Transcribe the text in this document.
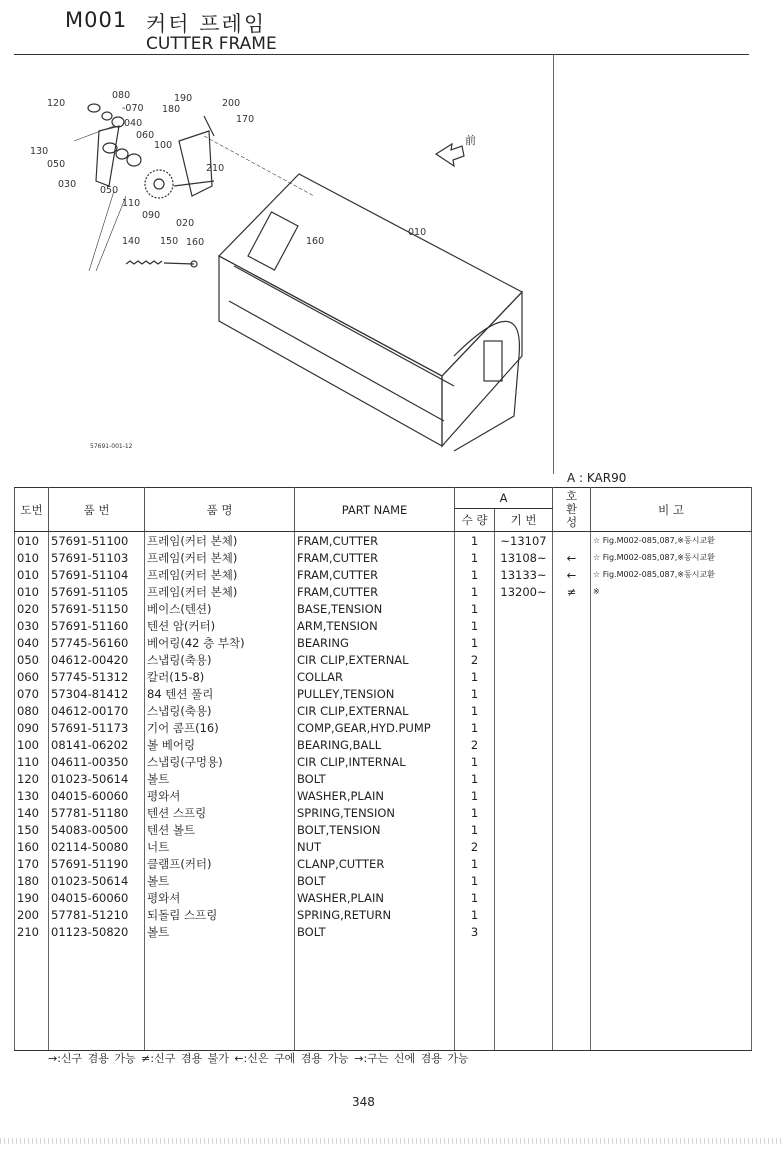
M001 커터 프레임
CUTTER FRAME
120
080
-070
040
060
130
050
030
050
110
100
090
190
180
200
170
210
020
010
140 150 160	160
前
57691-001-12
A : KAR90
도번	품 번	품 명	PART NAME	A		호
환
성	비 고
				수 량	기 번		
010	57691-51100	프레임(커터 본체)	FRAM,CUTTER	1	~13107		☆ Fig.M002-085,087,※동시교환
010	57691-51103	프레임(커터 본체)	FRAM,CUTTER	1	13108~	←	☆ Fig.M002-085,087,※동시교환
010	57691-51104	프레임(커터 본체)	FRAM,CUTTER	1	13133~	←	☆ Fig.M002-085,087,※동시교환
010	57691-51105	프레임(커터 본체)	FRAM,CUTTER	1	13200~	≠	※
020	57691-51150	베이스(텐션)	BASE,TENSION	1			
030	57691-51160	텐션 암(커터)	ARM,TENSION	1			
040	57745-56160	베어링(42 층 부착)	BEARING	1			
050	04612-00420	스냅링(축용)	CIR CLIP,EXTERNAL	2			
060	57745-51312	칼러(15-8)	COLLAR	1			
070	57304-81412	84 텐션 풀리	PULLEY,TENSION	1			
080	04612-00170	스냅링(축용)	CIR CLIP,EXTERNAL	1			
090	57691-51173	기어 콤프(16)	COMP,GEAR,HYD.PUMP	1			
100	08141-06202	볼 베어링	BEARING,BALL	2			
110	04611-00350	스냅링(구멍용)	CIR CLIP,INTERNAL	1			
120	01023-50614	볼트	BOLT	1			
130	04015-60060	평와셔	WASHER,PLAIN	1			
140	57781-51180	텐션 스프링	SPRING,TENSION	1			
150	54083-00500	텐션 볼트	BOLT,TENSION	1			
160	02114-50080	너트	NUT	2			
170	57691-51190	클램프(커터)	CLANP,CUTTER	1			
180	01023-50614	볼트	BOLT	1			
190	04015-60060	평와셔	WASHER,PLAIN	1			
200	57781-51210	되돌림 스프링	SPRING,RETURN	1			
210	01123-50820	볼트	BOLT	3			

→:신구 겸용 가능 ≠:신구 겸용 불가 ←:신은 구에 겸용 가능 →:구는 신에 겸용 가능
348
